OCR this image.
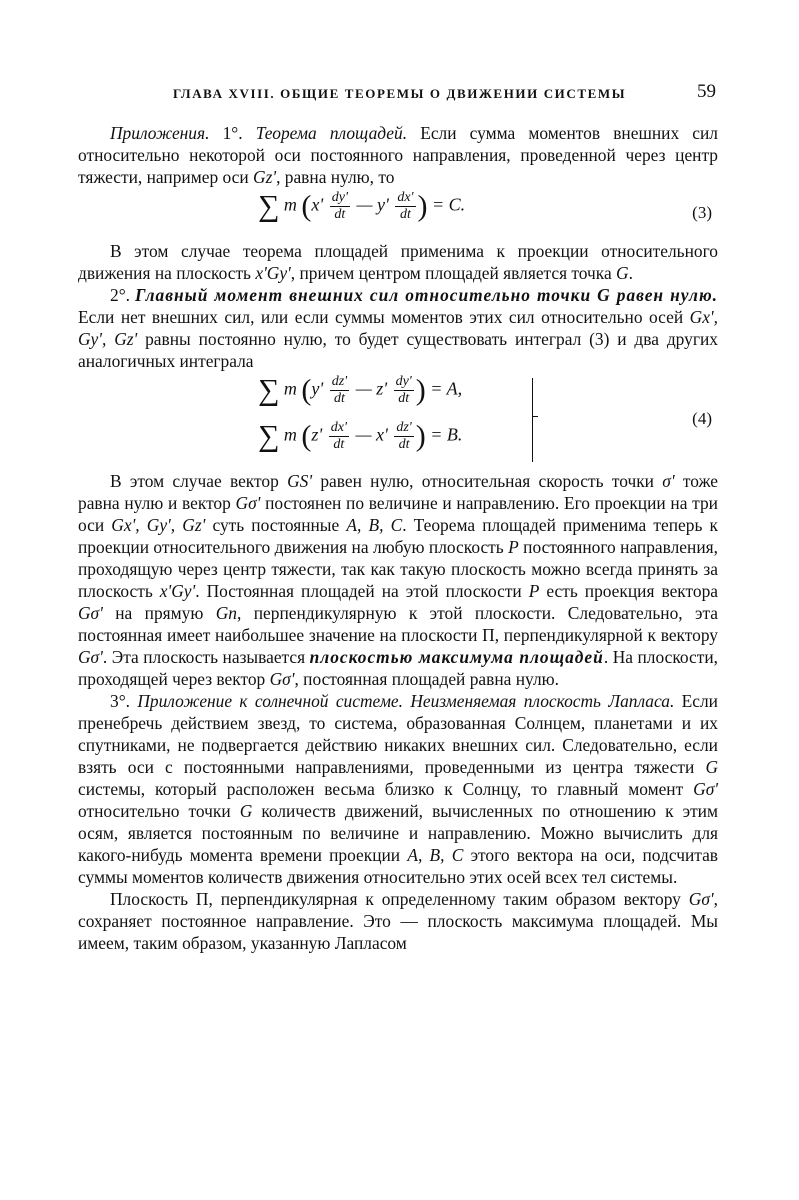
ГЛАВА XVIII. ОБЩИЕ ТЕОРЕМЫ О ДВИЖЕНИИ СИСТЕМЫ	59

Приложения. 1°. Теорема площадей. Если сумма моментов внешних сил относительно некоторой оси постоянного направления, проведенной через центр тяжести, например оси Gz', равна нулю, то

∑ m ($x' \frac{dy'}{dt}$ — $y' \frac{dx'}{dt}$ ) = C.	(3)

В этом случае теорема площадей применима к проекции относительного движения на плоскость x'Gy', причем центром площадей является точка G.

2°. Главный момент внешних сил относительно точки G равен нулю. Если нет внешних сил, или если суммы моментов этих сил относительно осей Gx', Gy', Gz' равны постоянно нулю, то будет существовать интеграл (3) и два других аналогичных интеграла

∑ m ($y' \frac{dz'}{dt}$ — $z' \frac{dy'}{dt}$ ) = A,
∑ m ($z' \frac{dx'}{dt}$ — $x' \frac{dz'}{dt}$ ) = B.
(4)

В этом случае вектор GS' равен нулю, относительная скорость точки σ' тоже равна нулю и вектор Gσ' постоянен по величине и направлению. Его проекции на три оси Gx', Gy', Gz' суть постоянные A, B, C. Теорема площадей применима теперь к проекции относительного движения на любую плоскость P постоянного направления, проходящую через центр тяжести, так как такую плоскость можно всегда принять за плоскость x'Gy'. Постоянная площадей на этой плоскости P есть проекция вектора Gσ' на прямую Gn, перпендикулярную к этой плоскости. Следовательно, эта постоянная имеет наибольшее значение на плоскости П, перпендикулярной к вектору Gσ'. Эта плоскость называется плоскостью максимума площадей. На плоскости, проходящей через вектор Gσ', постоянная площадей равна нулю.

3°. Приложение к солнечной системе. Неизменяемая плоскость Лапласа. Если пренебречь действием звезд, то система, образованная Солнцем, планетами и их спутниками, не подвергается действию никаких внешних сил. Следовательно, если взять оси с постоянными направлениями, проведенными из центра тяжести G системы, который расположен весьма близко к Солнцу, то главный момент Gσ' относительно точки G количеств движений, вычисленных по отношению к этим осям, является постоянным по величине и направлению. Можно вычислить для какого-нибудь момента времени проекции A, B, C этого вектора на оси, подсчитав суммы моментов количеств движения относительно этих осей всех тел системы.

Плоскость П, перпендикулярная к определенному таким образом вектору Gσ', сохраняет постоянное направление. Это — плоскость максимума площадей. Мы имеем, таким образом, указанную Лапласом
